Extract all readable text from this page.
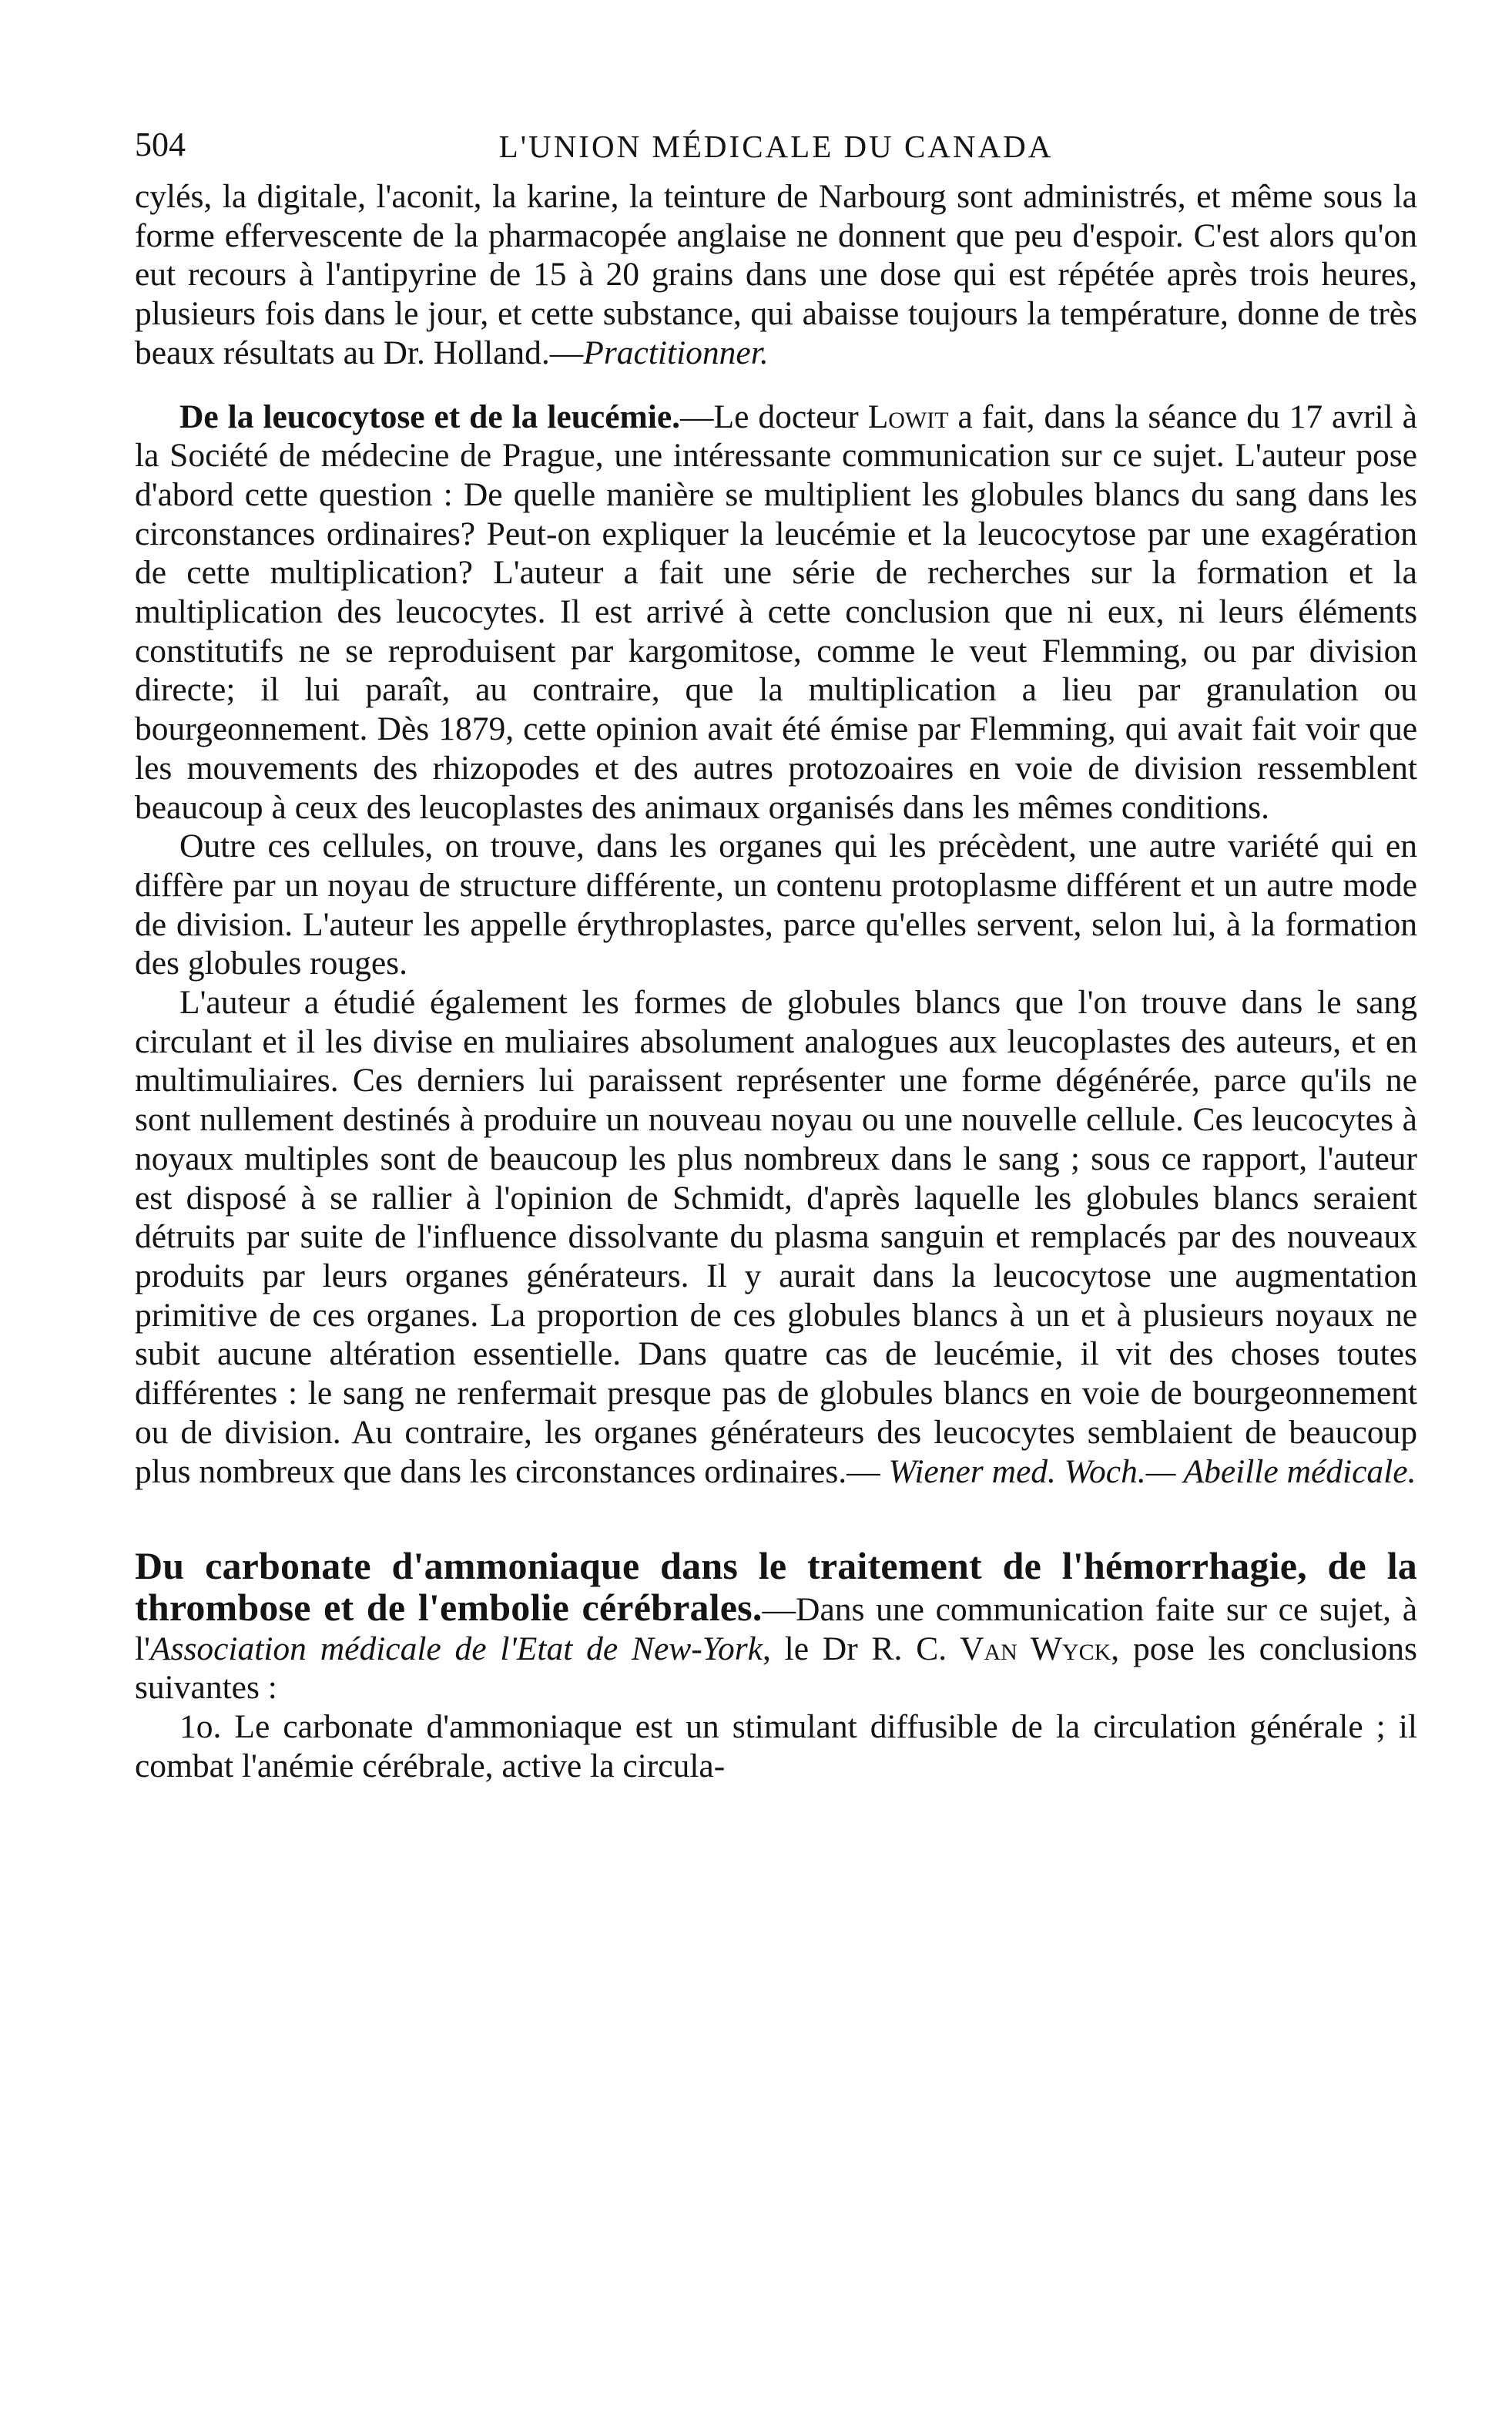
504	L'UNION MÉDICALE DU CANADA

cylés, la digitale, l'aconit, la karine, la teinture de Narbourg sont administrés, et même sous la forme effervescente de la pharmacopée anglaise ne donnent que peu d'espoir. C'est alors qu'on eut recours à l'antipyrine de 15 à 20 grains dans une dose qui est répétée après trois heures, plusieurs fois dans le jour, et cette substance, qui abaisse toujours la température, donne de très beaux résultats au Dr. Holland.—Practitionner.

De la leucocytose et de la leucémie.—Le docteur Lowit a fait, dans la séance du 17 avril à la Société de médecine de Prague, une intéressante communication sur ce sujet. L'auteur pose d'abord cette question : De quelle manière se multiplient les globules blancs du sang dans les circonstances ordinaires? Peut-on expliquer la leucémie et la leucocytose par une exagération de cette multiplication? L'auteur a fait une série de recherches sur la formation et la multiplication des leucocytes. Il est arrivé à cette conclusion que ni eux, ni leurs éléments constitutifs ne se reproduisent par kargomitose, comme le veut Flemming, ou par division directe; il lui paraît, au contraire, que la multiplication a lieu par granulation ou bourgeonnement. Dès 1879, cette opinion avait été émise par Flemming, qui avait fait voir que les mouvements des rhizopodes et des autres protozoaires en voie de division ressemblent beaucoup à ceux des leucoplastes des animaux organisés dans les mêmes conditions.

Outre ces cellules, on trouve, dans les organes qui les précèdent, une autre variété qui en diffère par un noyau de structure différente, un contenu protoplasme différent et un autre mode de division. L'auteur les appelle érythroplastes, parce qu'elles servent, selon lui, à la formation des globules rouges.

L'auteur a étudié également les formes de globules blancs que l'on trouve dans le sang circulant et il les divise en muliaires absolument analogues aux leucoplastes des auteurs, et en multimuliaires. Ces derniers lui paraissent représenter une forme dégénérée, parce qu'ils ne sont nullement destinés à produire un nouveau noyau ou une nouvelle cellule. Ces leucocytes à noyaux multiples sont de beaucoup les plus nombreux dans le sang ; sous ce rapport, l'auteur est disposé à se rallier à l'opinion de Schmidt, d'après laquelle les globules blancs seraient détruits par suite de l'influence dissolvante du plasma sanguin et remplacés par des nouveaux produits par leurs organes générateurs. Il y aurait dans la leucocytose une augmentation primitive de ces organes. La proportion de ces globules blancs à un et à plusieurs noyaux ne subit aucune altération essentielle. Dans quatre cas de leucémie, il vit des choses toutes différentes : le sang ne renfermait presque pas de globules blancs en voie de bourgeonnement ou de division. Au contraire, les organes générateurs des leucocytes semblaient de beaucoup plus nombreux que dans les circonstances ordinaires.— Wiener med. Woch.— Abeille médicale.

Du carbonate d'ammoniaque dans le traitement de l'hémorrhagie, de la thrombose et de l'embolie cérébrales.—Dans une communication faite sur ce sujet, à l'Association médicale de l'Etat de New-York, le Dr R. C. Van Wyck, pose les conclusions suivantes :

1o. Le carbonate d'ammoniaque est un stimulant diffusible de la circulation générale ; il combat l'anémie cérébrale, active la circula-
